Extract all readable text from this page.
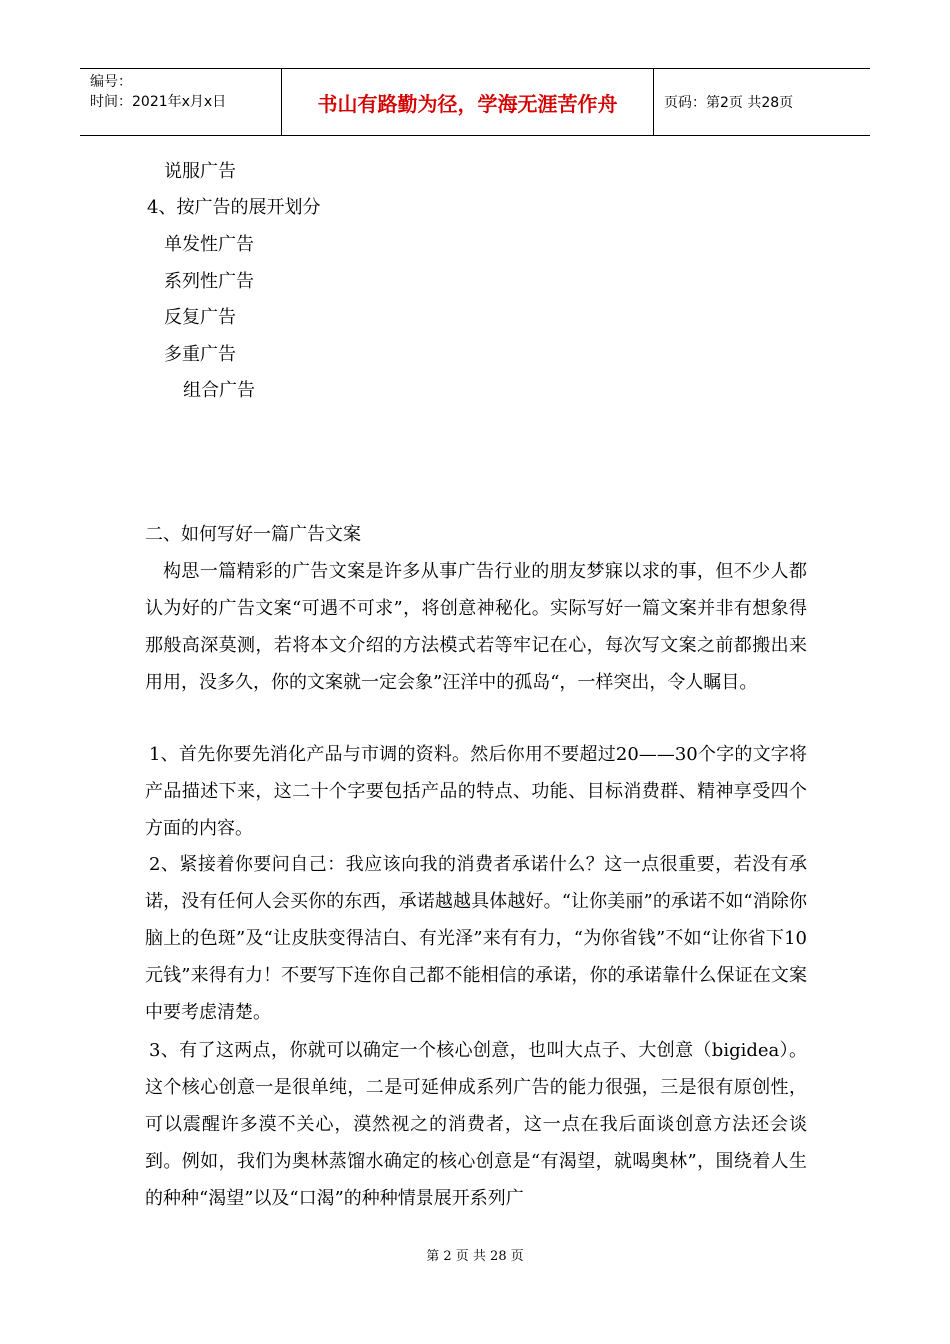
编号：
时间：2021年x月x日	书山有路勤为径，学海无涯苦作舟	页码：第2页 共28页
说服广告
4、按广告的展开划分
单发性广告
系列性广告
反复广告
多重广告
组合广告
二、如何写好一篇广告文案

构思一篇精彩的广告文案是许多从事广告行业的朋友梦寐以求的事，但不少人都认为好的广告文案“可遇不可求”，将创意神秘化。实际写好一篇文案并非有想象得那般高深莫测，若将本文介绍的方法模式若等牢记在心，每次写文案之前都搬出来用用，没多久，你的文案就一定会象”汪洋中的孤岛“，一样突出，令人瞩目。

1、首先你要先消化产品与市调的资料。然后你用不要超过20——30个字的文字将产品描述下来，这二十个字要包括产品的特点、功能、目标消费群、精神享受四个方面的内容。

2、紧接着你要问自己：我应该向我的消费者承诺什么？这一点很重要，若没有承诺，没有任何人会买你的东西，承诺越越具体越好。“让你美丽”的承诺不如“消除你脑上的色斑”及“让皮肤变得洁白、有光泽”来有有力，“为你省钱”不如“让你省下10元钱”来得有力！不要写下连你自己都不能相信的承诺，你的承诺靠什么保证在文案中要考虑清楚。

3、有了这两点，你就可以确定一个核心创意，也叫大点子、大创意（bigidea）。这个核心创意一是很单纯，二是可延伸成系列广告的能力很强，三是很有原创性，可以震醒许多漠不关心，漠然视之的消费者，这一点在我后面谈创意方法还会谈到。例如，我们为奥林蒸馏水确定的核心创意是“有渴望，就喝奥林”，围绕着人生的种种“渴望”以及“口渴”的种种情景展开系列广

第 2 页 共 28 页
